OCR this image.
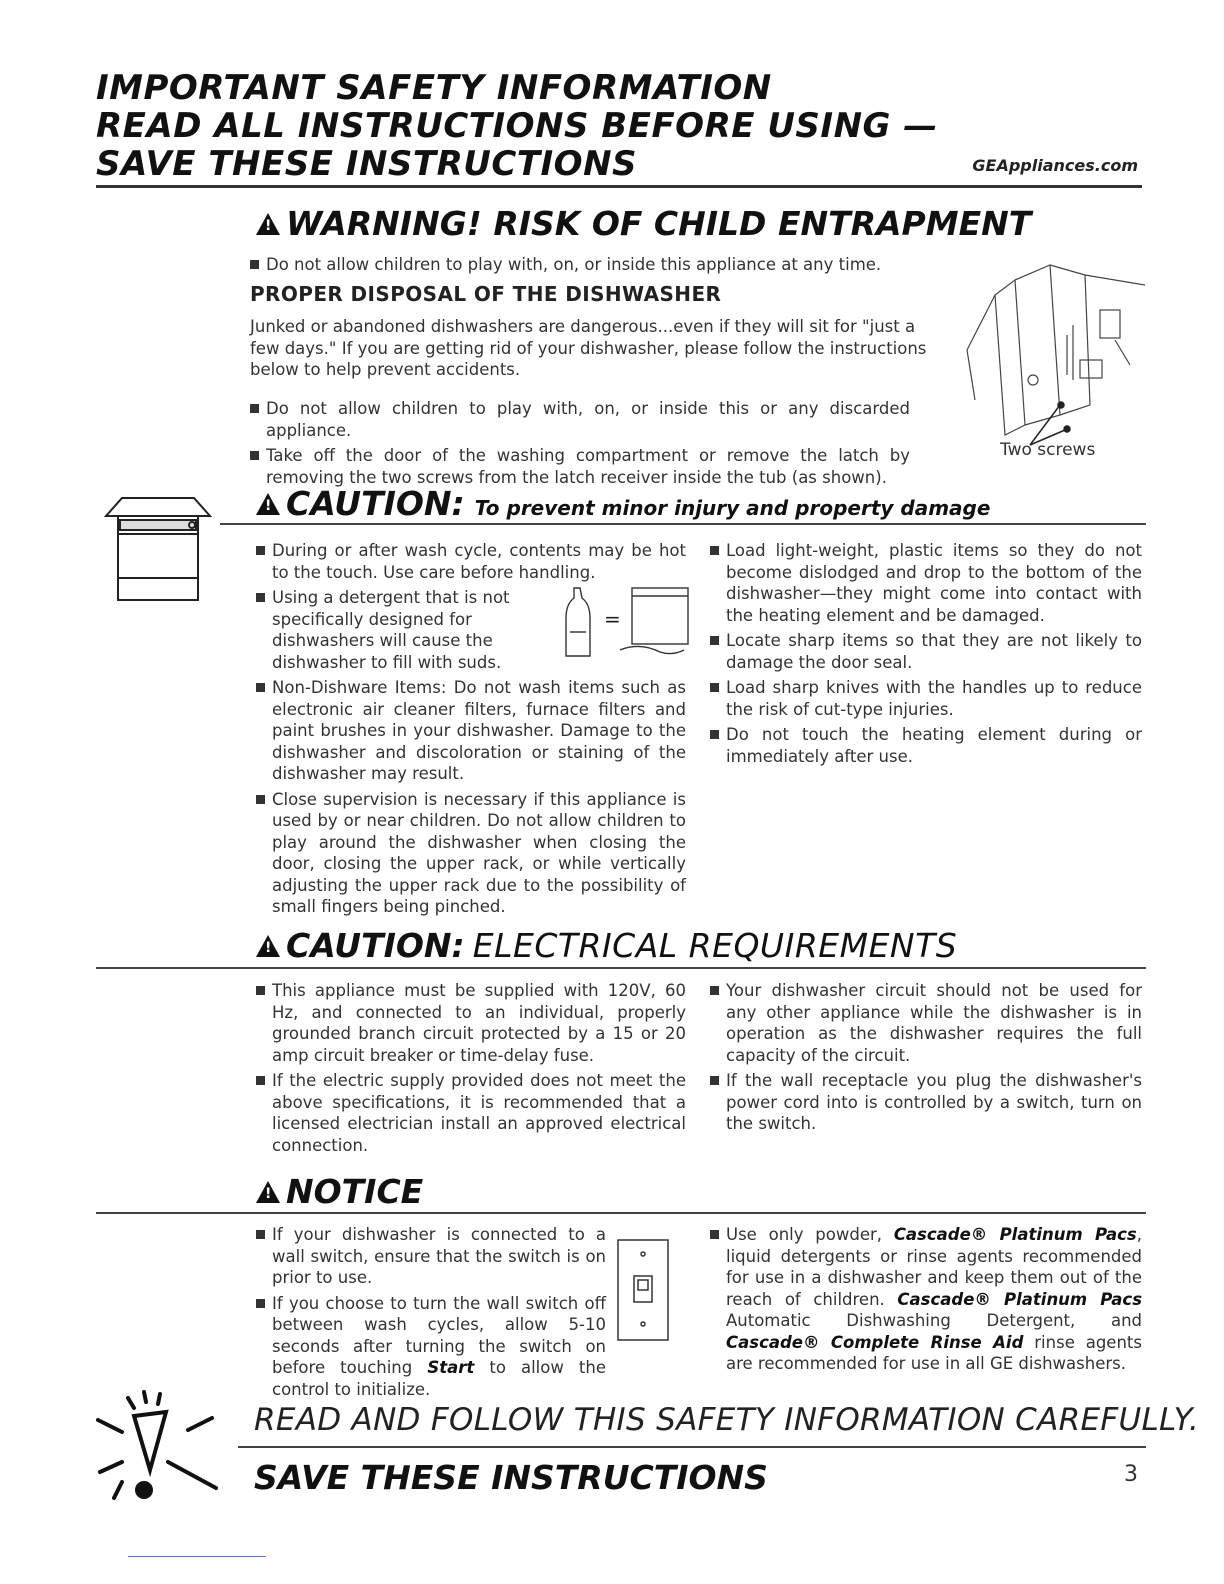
IMPORTANT SAFETY INFORMATION
READ ALL INSTRUCTIONS BEFORE USING —
SAVE THESE INSTRUCTIONS	GEAppliances.com
!
WARNING! RISK OF CHILD ENTRAPMENT
Do not allow children to play with, on, or inside this appliance at any time.
PROPER DISPOSAL OF THE DISHWASHER
Junked or abandoned dishwashers are dangerous...even if they will sit for "just a few days." If you are getting rid of your dishwasher, please follow the instructions below to help prevent accidents.
Do not allow children to play with, on, or inside this or any discarded appliance.
Take off the door of the washing compartment or remove the latch by removing the two screws from the latch receiver inside the tub (as shown).
Two screws
!
CAUTION: To prevent minor injury and property damage
During or after wash cycle, contents may be hot to the touch. Use care before handling.
Using a detergent that is not specifically designed for dishwashers will cause the dishwasher to fill with suds.
Non-Dishware Items: Do not wash items such as electronic air cleaner filters, furnace filters and paint brushes in your dishwasher. Damage to the dishwasher and discoloration or staining of the dishwasher may result.
Close supervision is necessary if this appliance is used by or near children. Do not allow children to play around the dishwasher when closing the door, closing the upper rack, or while vertically adjusting the upper rack due to the possibility of small fingers being pinched.
=
Load light-weight, plastic items so they do not become dislodged and drop to the bottom of the dishwasher—they might come into contact with the heating element and be damaged.
Locate sharp items so that they are not likely to damage the door seal.
Load sharp knives with the handles up to reduce the risk of cut-type injuries.
Do not touch the heating element during or immediately after use.
!
CAUTION: ELECTRICAL REQUIREMENTS
This appliance must be supplied with 120V, 60 Hz, and connected to an individual, properly grounded branch circuit protected by a 15 or 20 amp circuit breaker or time-delay fuse.
If the electric supply provided does not meet the above specifications, it is recommended that a licensed electrician install an approved electrical connection.
Your dishwasher circuit should not be used for any other appliance while the dishwasher is in operation as the dishwasher requires the full capacity of the circuit.
If the wall receptacle you plug the dishwasher's power cord into is controlled by a switch, turn on the switch.
!
NOTICE
If your dishwasher is connected to a wall switch, ensure that the switch is on prior to use.
If you choose to turn the wall switch off between wash cycles, allow 5-10 seconds after turning the switch on before touching Start to allow the control to initialize.
Use only powder, Cascade® Platinum Pacs, liquid detergents or rinse agents recommended for use in a dishwasher and keep them out of the reach of children. Cascade® Platinum Pacs Automatic Dishwashing Detergent, and Cascade® Complete Rinse Aid rinse agents are recommended for use in all GE dishwashers.
READ AND FOLLOW THIS SAFETY INFORMATION CAREFULLY.
SAVE THESE INSTRUCTIONS	3
